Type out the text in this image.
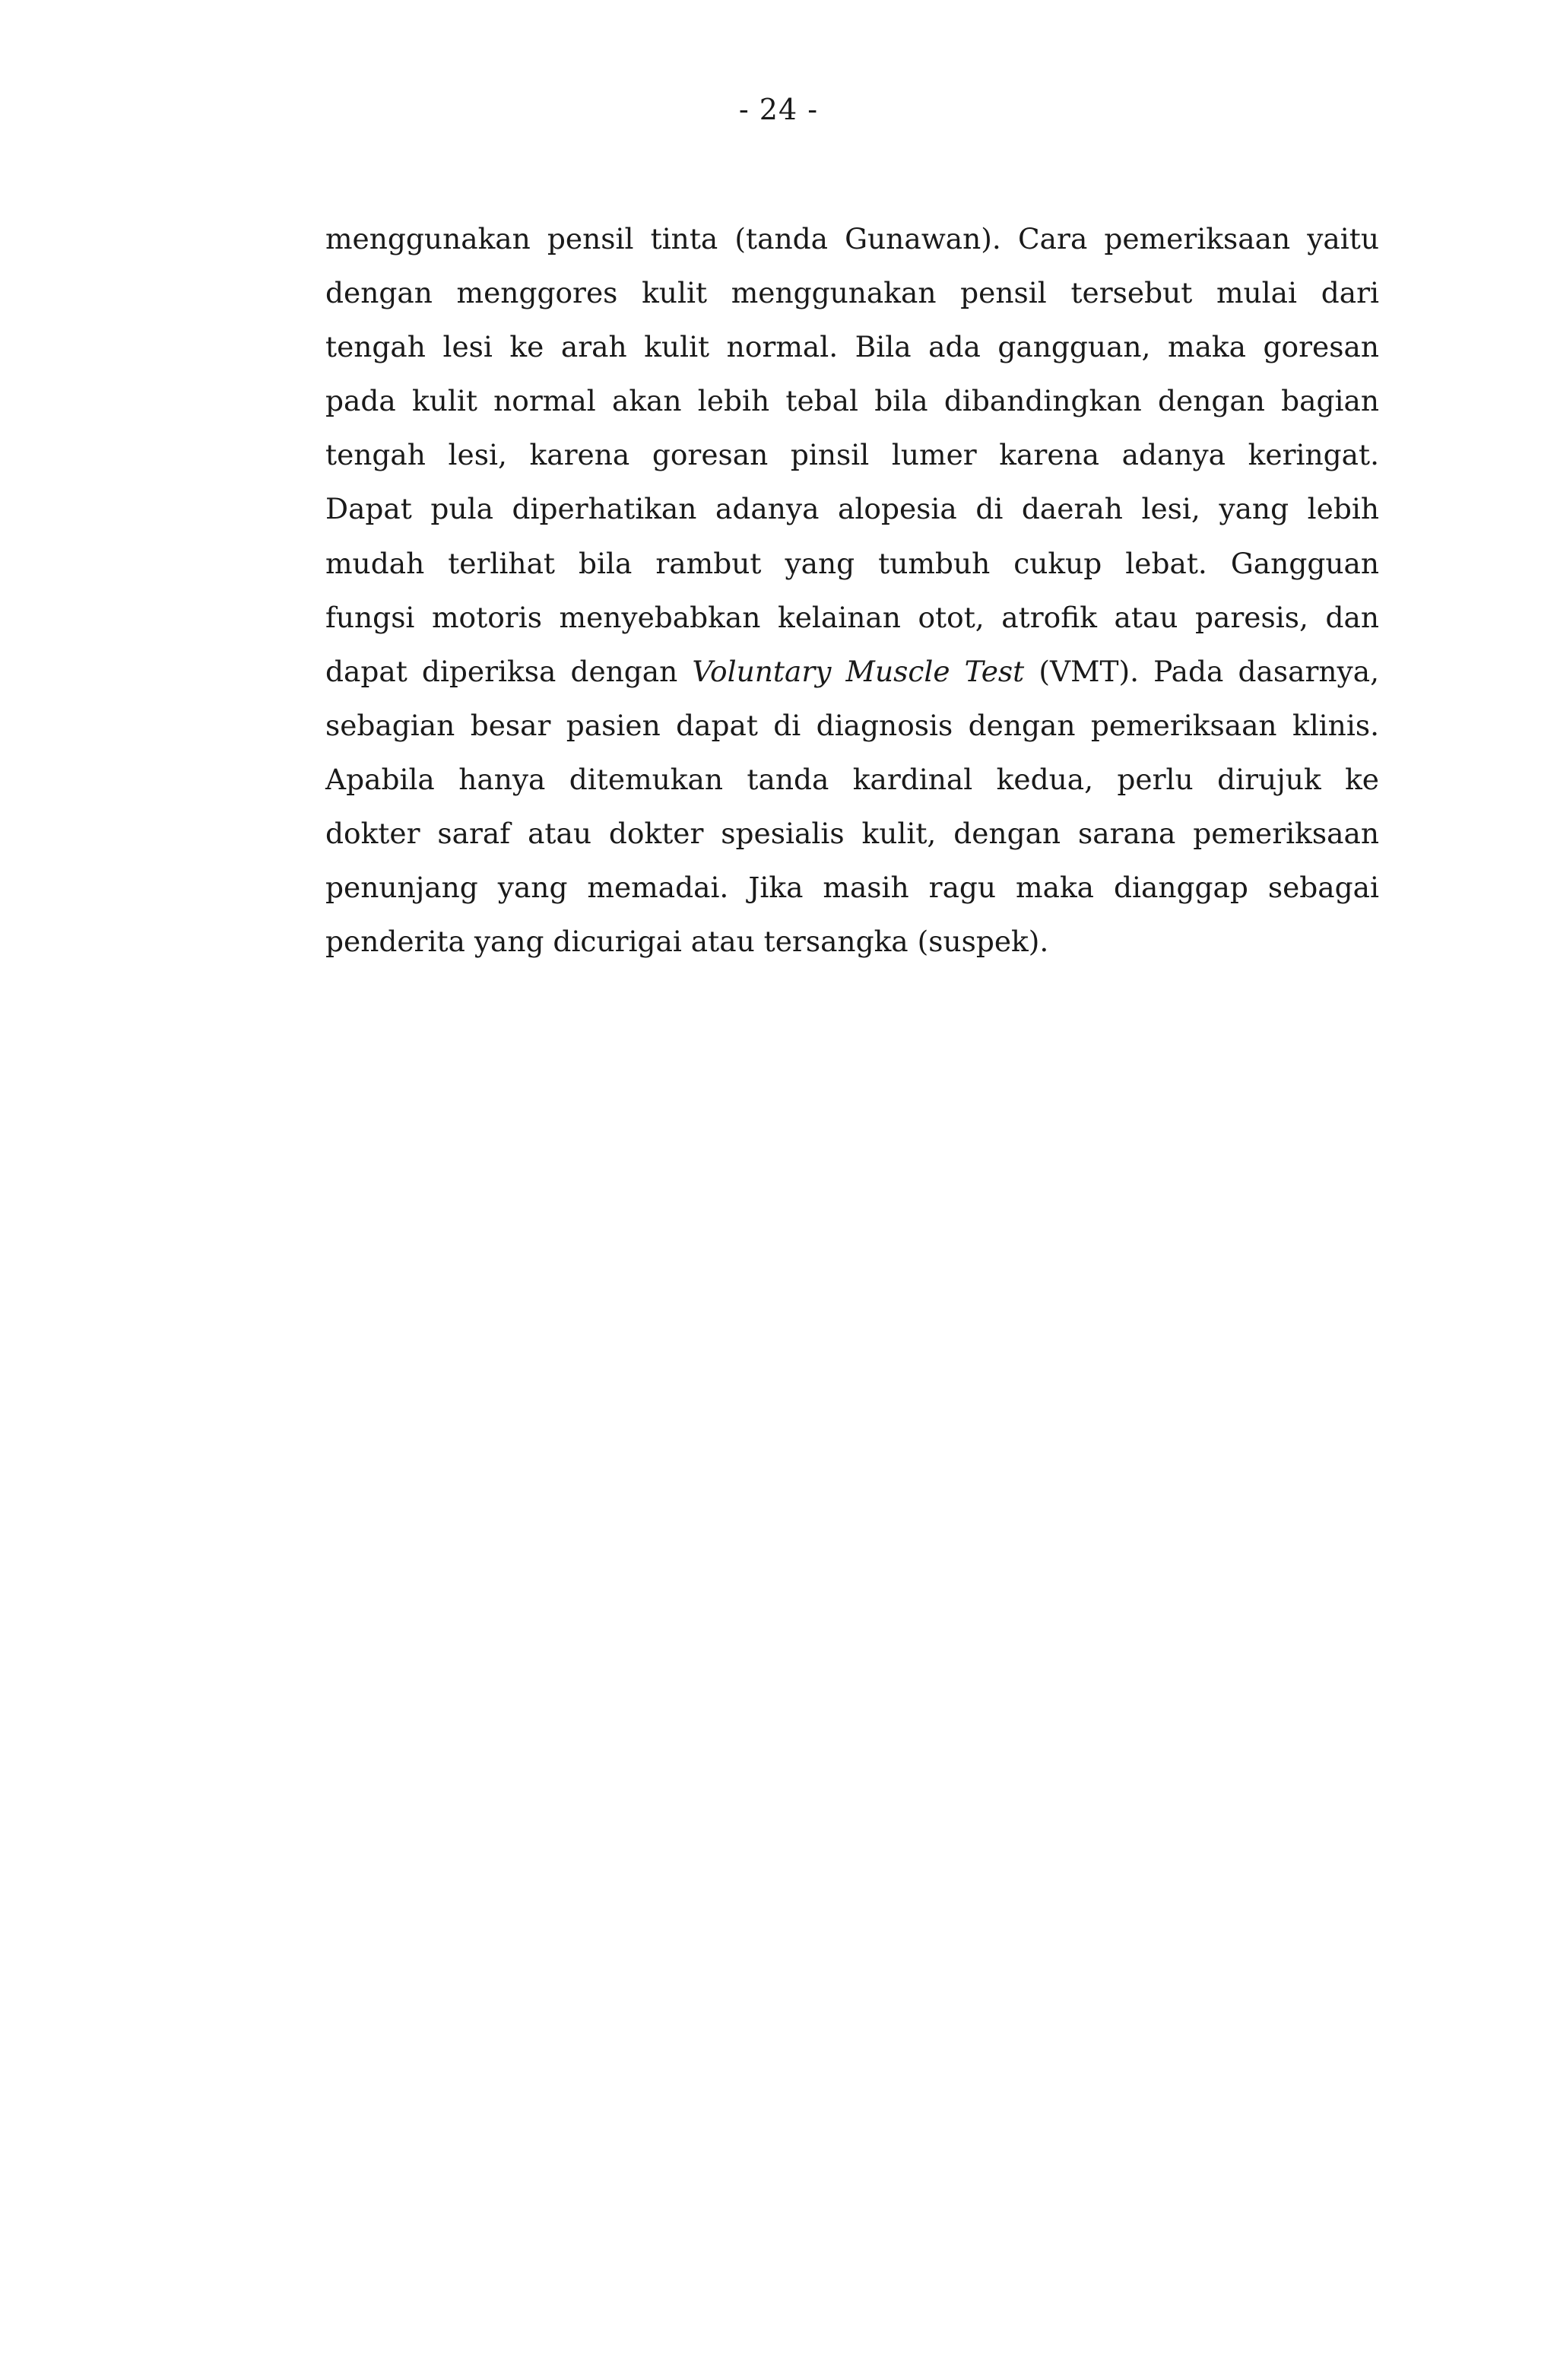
- 24 -
menggunakan pensil tinta (tanda Gunawan). Cara pemeriksaan yaitu
dengan menggores kulit menggunakan pensil tersebut mulai dari
tengah lesi ke arah kulit normal. Bila ada gangguan, maka goresan
pada kulit normal akan lebih tebal bila dibandingkan dengan bagian
tengah lesi, karena goresan pinsil lumer karena adanya keringat.
Dapat pula diperhatikan adanya alopesia di daerah lesi, yang lebih
mudah terlihat bila rambut yang tumbuh cukup lebat. Gangguan
fungsi motoris menyebabkan kelainan otot, atrofik atau paresis, dan
dapat diperiksa dengan Voluntary Muscle Test (VMT). Pada dasarnya,
sebagian besar pasien dapat di diagnosis dengan pemeriksaan klinis.
Apabila hanya ditemukan tanda kardinal kedua, perlu dirujuk ke
dokter saraf atau dokter spesialis kulit, dengan sarana pemeriksaan
penunjang yang memadai. Jika masih ragu maka dianggap sebagai
penderita yang dicurigai atau tersangka (suspek).
